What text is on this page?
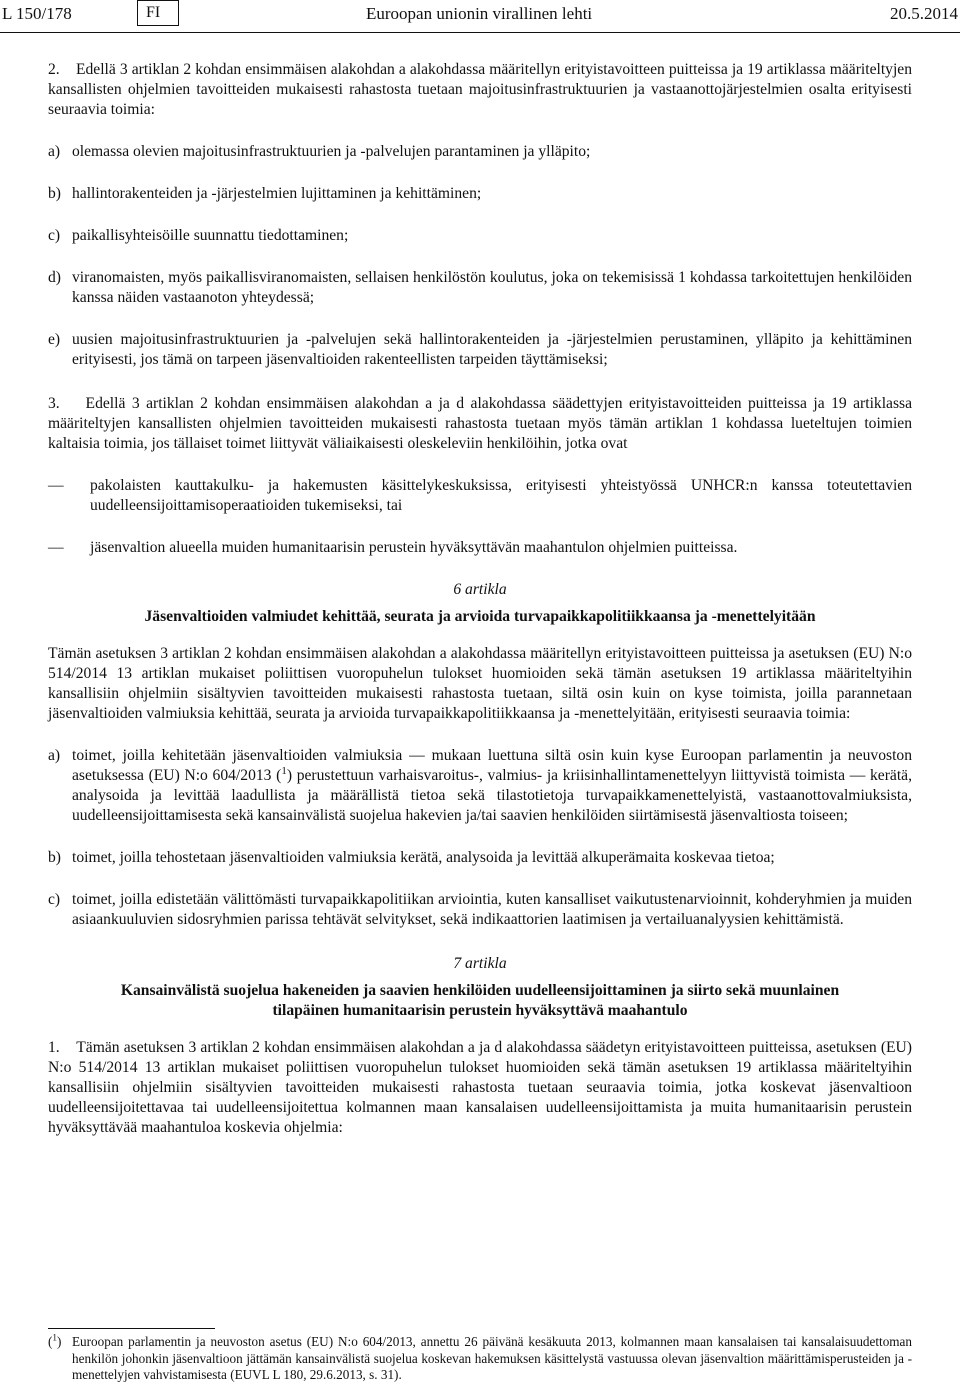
L 150/178	FI	Euroopan unionin virallinen lehti	20.5.2014

2. Edellä 3 artiklan 2 kohdan ensimmäisen alakohdan a alakohdassa määritellyn erityistavoitteen puitteissa ja 19 artiklassa määriteltyjen kansallisten ohjelmien tavoitteiden mukaisesti rahastosta tuetaan majoitusinfrastruktuurien ja vastaanottojärjestelmien osalta erityisesti seuraavia toimia:

a) olemassa olevien majoitusinfrastruktuurien ja -palvelujen parantaminen ja ylläpito;
b) hallintorakenteiden ja -järjestelmien lujittaminen ja kehittäminen;
c) paikallisyhteisöille suunnattu tiedottaminen;
d) viranomaisten, myös paikallisviranomaisten, sellaisen henkilöstön koulutus, joka on tekemisissä 1 kohdassa tarkoitettujen henkilöiden kanssa näiden vastaanoton yhteydessä;
e) uusien majoitusinfrastruktuurien ja -palvelujen sekä hallintorakenteiden ja -järjestelmien perustaminen, ylläpito ja kehittäminen erityisesti, jos tämä on tarpeen jäsenvaltioiden rakenteellisten tarpeiden täyttämiseksi;

3. Edellä 3 artiklan 2 kohdan ensimmäisen alakohdan a ja d alakohdassa säädettyjen erityistavoitteiden puitteissa ja 19 artiklassa määriteltyjen kansallisten ohjelmien tavoitteiden mukaisesti rahastosta tuetaan myös tämän artiklan 1 kohdassa lueteltujen toimien kaltaisia toimia, jos tällaiset toimet liittyvät väliaikaisesti oleskeleviin henkilöihin, jotka ovat

— pakolaisten kauttakulku- ja hakemusten käsittelykeskuksissa, erityisesti yhteistyössä UNHCR:n kanssa toteutettavien uudelleensijoittamisoperaatioiden tukemiseksi, tai
— jäsenvaltion alueella muiden humanitaarisin perustein hyväksyttävän maahantulon ohjelmien puitteissa.
6 artikla
Jäsenvaltioiden valmiudet kehittää, seurata ja arvioida turvapaikkapolitiikkaansa ja -menettelyitään

Tämän asetuksen 3 artiklan 2 kohdan ensimmäisen alakohdan a alakohdassa määritellyn erityistavoitteen puitteissa ja asetuksen (EU) N:o 514/2014 13 artiklan mukaiset poliittisen vuoropuhelun tulokset huomioiden sekä tämän asetuksen 19 artiklassa määriteltyihin kansallisiin ohjelmiin sisältyvien tavoitteiden mukaisesti rahastosta tuetaan, siltä osin kuin on kyse toimista, joilla parannetaan jäsenvaltioiden valmiuksia kehittää, seurata ja arvioida turvapaikkapolitiikkaansa ja -menettelyitään, erityisesti seuraavia toimia:

a) toimet, joilla kehitetään jäsenvaltioiden valmiuksia — mukaan luettuna siltä osin kuin kyse Euroopan parlamentin ja neuvoston asetuksessa (EU) N:o 604/2013 ($^1$) perustettuun varhaisvaroitus-, valmius- ja kriisinhallintamenettelyyn liittyvistä toimista — kerätä, analysoida ja levittää laadullista ja määrällistä tietoa sekä tilastotietoja turvapaikkamenettelyistä, vastaanottovalmiuksista, uudelleensijoittamisesta sekä kansainvälistä suojelua hakevien ja/tai saavien henkilöiden siirtämisestä jäsenvaltiosta toiseen;
b) toimet, joilla tehostetaan jäsenvaltioiden valmiuksia kerätä, analysoida ja levittää alkuperämaita koskevaa tietoa;
c) toimet, joilla edistetään välittömästi turvapaikkapolitiikan arviointia, kuten kansalliset vaikutustenarvioinnit, kohderyhmien ja muiden asiaankuuluvien sidosryhmien parissa tehtävät selvitykset, sekä indikaattorien laatimisen ja vertailuanalyysien kehittämistä.
7 artikla
Kansainvälistä suojelua hakeneiden ja saavien henkilöiden uudelleensijoittaminen ja siirto sekä muunlainen
tilapäinen humanitaarisin perustein hyväksyttävä maahantulo

1. Tämän asetuksen 3 artiklan 2 kohdan ensimmäisen alakohdan a ja d alakohdassa säädetyn erityistavoitteen puitteissa, asetuksen (EU) N:o 514/2014 13 artiklan mukaiset poliittisen vuoropuhelun tulokset huomioiden sekä tämän asetuksen 19 artiklassa määriteltyihin kansallisiin ohjelmiin sisältyvien tavoitteiden mukaisesti rahastosta tuetaan seuraavia toimia, jotka koskevat jäsenvaltioon uudelleensijoitettavaa tai uudelleensijoitettua kolmannen maan kansalaisen uudelleensijoittamista ja muita humanitaarisin perustein hyväksyttävää maahantuloa koskevia ohjelmia:

($^1$) Euroopan parlamentin ja neuvoston asetus (EU) N:o 604/2013, annettu 26 päivänä kesäkuuta 2013, kolmannen maan kansalaisen tai kansalaisuudettoman henkilön johonkin jäsenvaltioon jättämän kansainvälistä suojelua koskevan hakemuksen käsittelystä vastuussa olevan jäsenvaltion määrittämisperusteiden ja -menettelyjen vahvistamisesta (EUVL L 180, 29.6.2013, s. 31).
